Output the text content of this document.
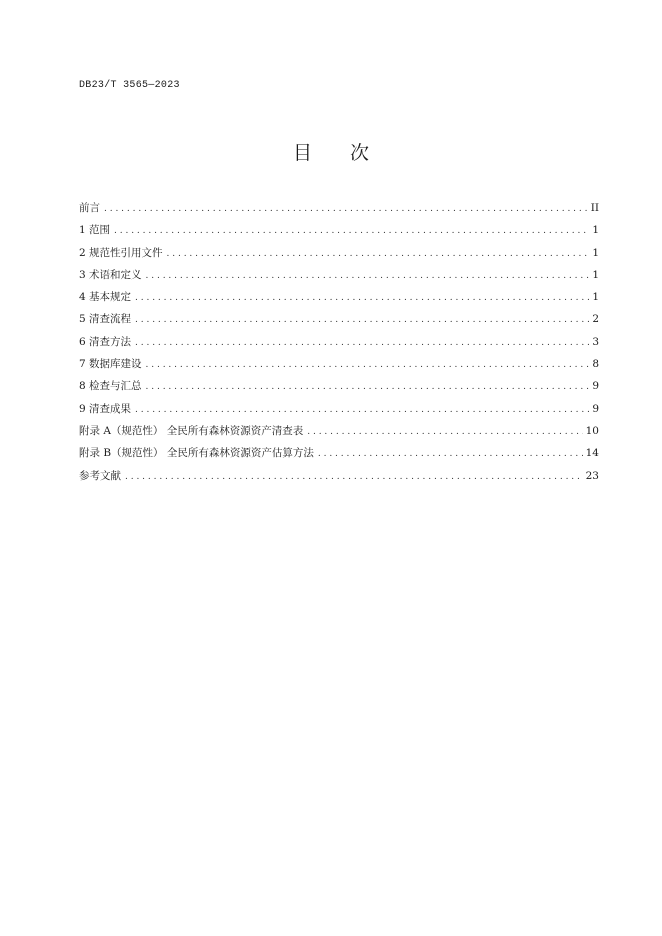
DB23/T 3565—2023
目 次
前言 . . .	II
1 范围 . . .	1
2 规范性引用文件 . . .	1
3 术语和定义 . . .	1
4 基本规定 . . .	1
5 清查流程 . . .	2
6 清查方法 . . .	3
7 数据库建设 . . .	8
8 检查与汇总 . . .	9
9 清查成果 . . .	9
附录 A（规范性） 全民所有森林资源资产清查表 . . .	10
附录 B（规范性） 全民所有森林资源资产估算方法 . . .	14
参考文献 . . .	23
